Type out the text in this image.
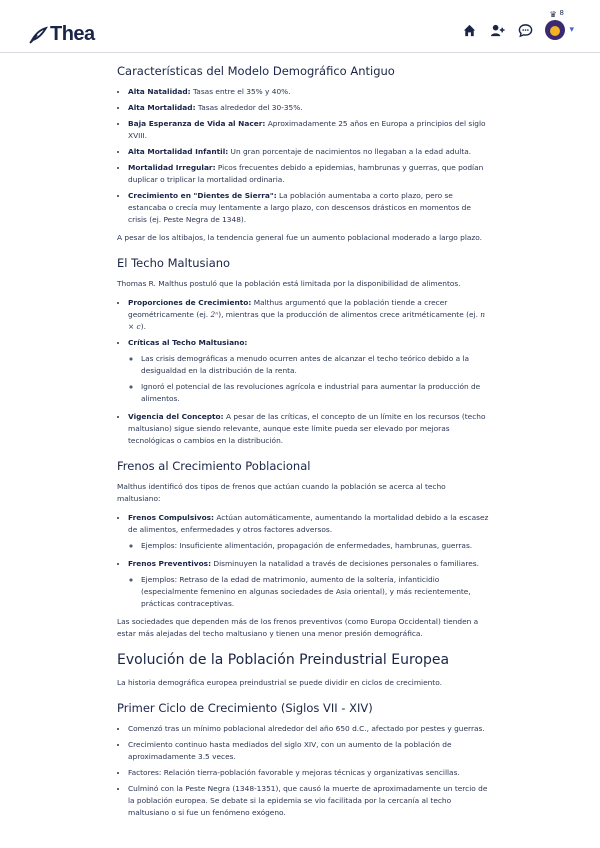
Thea
♛ 8
▾

Características del Modelo Demográfico Antiguo
• Alta Natalidad: Tasas entre el 35% y 40%.
• Alta Mortalidad: Tasas alrededor del 30-35%.
• Baja Esperanza de Vida al Nacer: Aproximadamente 25 años en Europa a principios del siglo XVIII.
• Alta Mortalidad Infantil: Un gran porcentaje de nacimientos no llegaban a la edad adulta.
• Mortalidad Irregular: Picos frecuentes debido a epidemias, hambrunas y guerras, que podían duplicar o triplicar la mortalidad ordinaria.
• Crecimiento en "Dientes de Sierra": La población aumentaba a corto plazo, pero se estancaba o crecía muy lentamente a largo plazo, con descensos drásticos en momentos de crisis (ej. Peste Negra de 1348).

A pesar de los altibajos, la tendencia general fue un aumento poblacional moderado a largo plazo.

El Techo Maltusiano

Thomas R. Malthus postuló que la población está limitada por la disponibilidad de alimentos.

• Proporciones de Crecimiento: Malthus argumentó que la población tiende a crecer geométricamente (ej. 2ⁿ), mientras que la producción de alimentos crece aritméticamente (ej. n × c).
• Críticas al Techo Maltusiano:
◦ Las crisis demográficas a menudo ocurren antes de alcanzar el techo teórico debido a la desigualdad en la distribución de la renta.
◦ Ignoró el potencial de las revoluciones agrícola e industrial para aumentar la producción de alimentos.
• Vigencia del Concepto: A pesar de las críticas, el concepto de un límite en los recursos (techo maltusiano) sigue siendo relevante, aunque este límite pueda ser elevado por mejoras tecnológicas o cambios en la distribución.
Frenos al Crecimiento Poblacional

Malthus identificó dos tipos de frenos que actúan cuando la población se acerca al techo maltusiano:

• Frenos Compulsivos: Actúan automáticamente, aumentando la mortalidad debido a la escasez de alimentos, enfermedades y otros factores adversos.
◦ Ejemplos: Insuficiente alimentación, propagación de enfermedades, hambrunas, guerras.
• Frenos Preventivos: Disminuyen la natalidad a través de decisiones personales o familiares.
◦ Ejemplos: Retraso de la edad de matrimonio, aumento de la soltería, infanticidio (especialmente femenino en algunas sociedades de Asia oriental), y más recientemente, prácticas contraceptivas.

Las sociedades que dependen más de los frenos preventivos (como Europa Occidental) tienden a estar más alejadas del techo maltusiano y tienen una menor presión demográfica.

Evolución de la Población Preindustrial Europea

La historia demográfica europea preindustrial se puede dividir en ciclos de crecimiento.

Primer Ciclo de Crecimiento (Siglos VII - XIV)
• Comenzó tras un mínimo poblacional alrededor del año 650 d.C., afectado por pestes y guerras.
• Crecimiento continuo hasta mediados del siglo XIV, con un aumento de la población de aproximadamente 3.5 veces.
• Factores: Relación tierra-población favorable y mejoras técnicas y organizativas sencillas.
• Culminó con la Peste Negra (1348-1351), que causó la muerte de aproximadamente un tercio de la población europea. Se debate si la epidemia se vio facilitada por la cercanía al techo maltusiano o si fue un fenómeno exógeno.
